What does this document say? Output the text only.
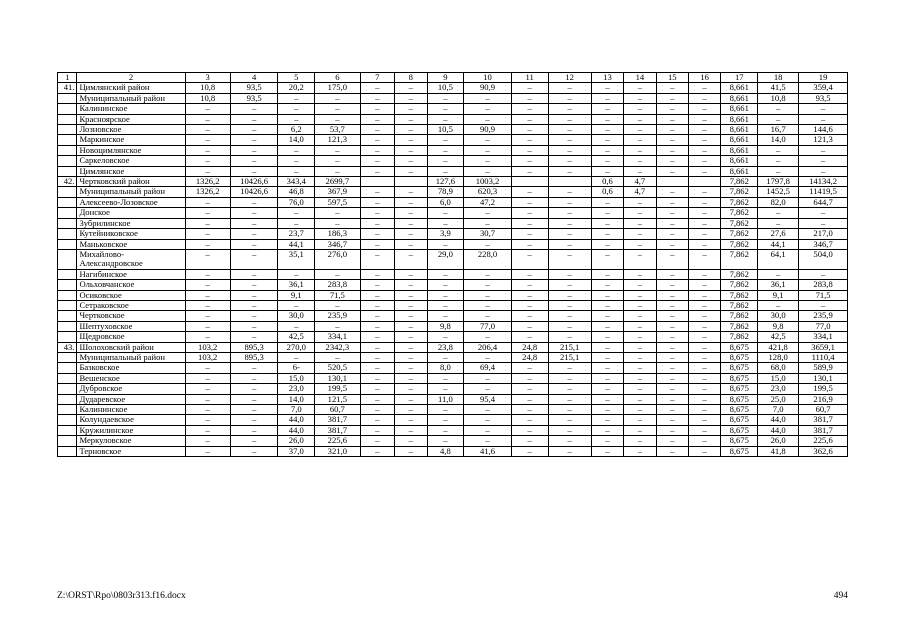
1	2	3	4	5	6	7	8	9	10	11	12	13	14	15	16	17	18	19
41.	Цимлянский район	10,8	93,5	20,2	175,0	–	–	10,5	90,9	–	–	–	–	–	–	8,661	41,5	359,4
	Муниципальный район	10,8	93,5	–	–	–	–	–	–	–	–	–	–	–	–	8,661	10,8	93,5
	Калининское	–	–	–	–	–	–	–	–	–	–	–	–	–	–	8,661	–	–
	Красноярское	–	–	–	–	–	–	–	–	–	–	–	–	–	–	8,661	–	–
	Лозновское	–	–	6,2	53,7	–	–	10,5	90,9	–	–	–	–	–	–	8,661	16,7	144,6
	Маркинское	–	–	14,0	121,3	–	–	–	–	–	–	–	–	–	–	8,661	14,0	121,3
	Новоцимлянское	–	–	–	–	–	–	–	–	–	–	–	–	–	–	8,661	–	–
	Саркеловское	–	–	–	–	–	–	–	–	–	–	–	–	–	–	8,661	–	–
	Цимлянское	–	–	–	–	–	–	–	–	–	–	–	–	–	–	8,661	–	–
42.	Чертковский район	1326,2	10426,6	343,4	2699,7			127,6	1003,2			0,6	4,7			7,862	1797,8	14134,2
	Муниципальный район	1326,2	10426,6	46,8	367,9	–	–	78,9	620,3	–	–	0,6	4,7	–	–	7,862	1452,5	11419,5
	Алексеево-Лозовское	–	–	76,0	597,5	–	–	6,0	47,2	–	–	–	–	–	–	7,862	82,0	644,7
	Донское	–	–	–	–	–	–	–	–	–	–	–	–	–	–	7,862	–	–
	Зубрилинское	–	–	–	–	–	–	–	–	–	–	–	–	–	–	7,862	–	–
	Кутейниковское	–	–	23,7	186,3	–	–	3,9	30,7	–	–	–	–	–	–	7,862	27,6	217,0
	Маньковское	–	–	44,1	346,7	–	–	–	–	–	–	–	–	–	–	7,862	44,1	346,7
	Михайлово-Александровское	–	–	35,1	276,0	–	–	29,0	228,0	–	–	–	–	–	–	7,862	64,1	504,0
	Нагибинское	–	–	–	–	–	–	–	–	–	–	–	–	–	–	7,862	–	–
	Ольховчанское	–	–	36,1	283,8	–	–	–	–	–	–	–	–	–	–	7,862	36,1	283,8
	Осиковское	–	–	9,1	71,5	–	–	–	–	–	–	–	–	–	–	7,862	9,1	71,5
	Сетраковское	–	–	–	–	–	–	–	–	–	–	–	–	–	–	7,862	–	–
	Чертковское	–	–	30,0	235,9	–	–	–	–	–	–	–	–	–	–	7,862	30,0	235,9
	Шептуховское	–	–	–	–	–	–	9,8	77,0	–	–	–	–	–	–	7,862	9,8	77,0
	Щедровское	–	–	42,5	334,1	–	–	–	–	–	–	–	–	–	–	7,862	42,5	334,1
43.	Шолоховский район	103,2	895,3	270,0	2342,3	–	–	23,8	206,4	24,8	215,1	–	–	–	–	8,675	421,8	3659,1
	Муниципальный район	103,2	895,3	–	–	–	–	–	–	24,8	215,1	–	–	–	–	8,675	128,0	1110,4
	Базковское	–	–	6-	520,5	–	–	8,0	69,4	–	–	–	–	–	–	8,675	68,0	589,9
	Вешенское	–	–	15,0	130,1	–	–	–	–	–	–	–	–	–	–	8,675	15,0	130,1
	Дубровское	–	–	23,0	199,5	–	–	–	–	–	–	–	–	–	–	8,675	23,0	199,5
	Дударевское	–	–	14,0	121,5	–	–	11,0	95,4	–	–	–	–	–	–	8,675	25,0	216,9
	Калининское	–	–	7,0	60,7	–	–	–	–	–	–	–	–	–	–	8,675	7,0	60,7
	Колундаевское	–	–	44,0	381,7	–	–	–	–	–	–	–	–	–	–	8,675	44,0	381,7
	Кружилинское	–	–	44,0	381,7	–	–	–	–	–	–	–	–	–	–	8,675	44,0	381,7
	Меркуловское	–	–	26,0	225,6	–	–	–	–	–	–	–	–	–	–	8,675	26,0	225,6
	Терновское	–	–	37,0	321,0	–	–	4,8	41,6	–	–	–	–	–	–	8,675	41,8	362,6
Z:\ORST\Rpo\0803r313.f16.docx	494
